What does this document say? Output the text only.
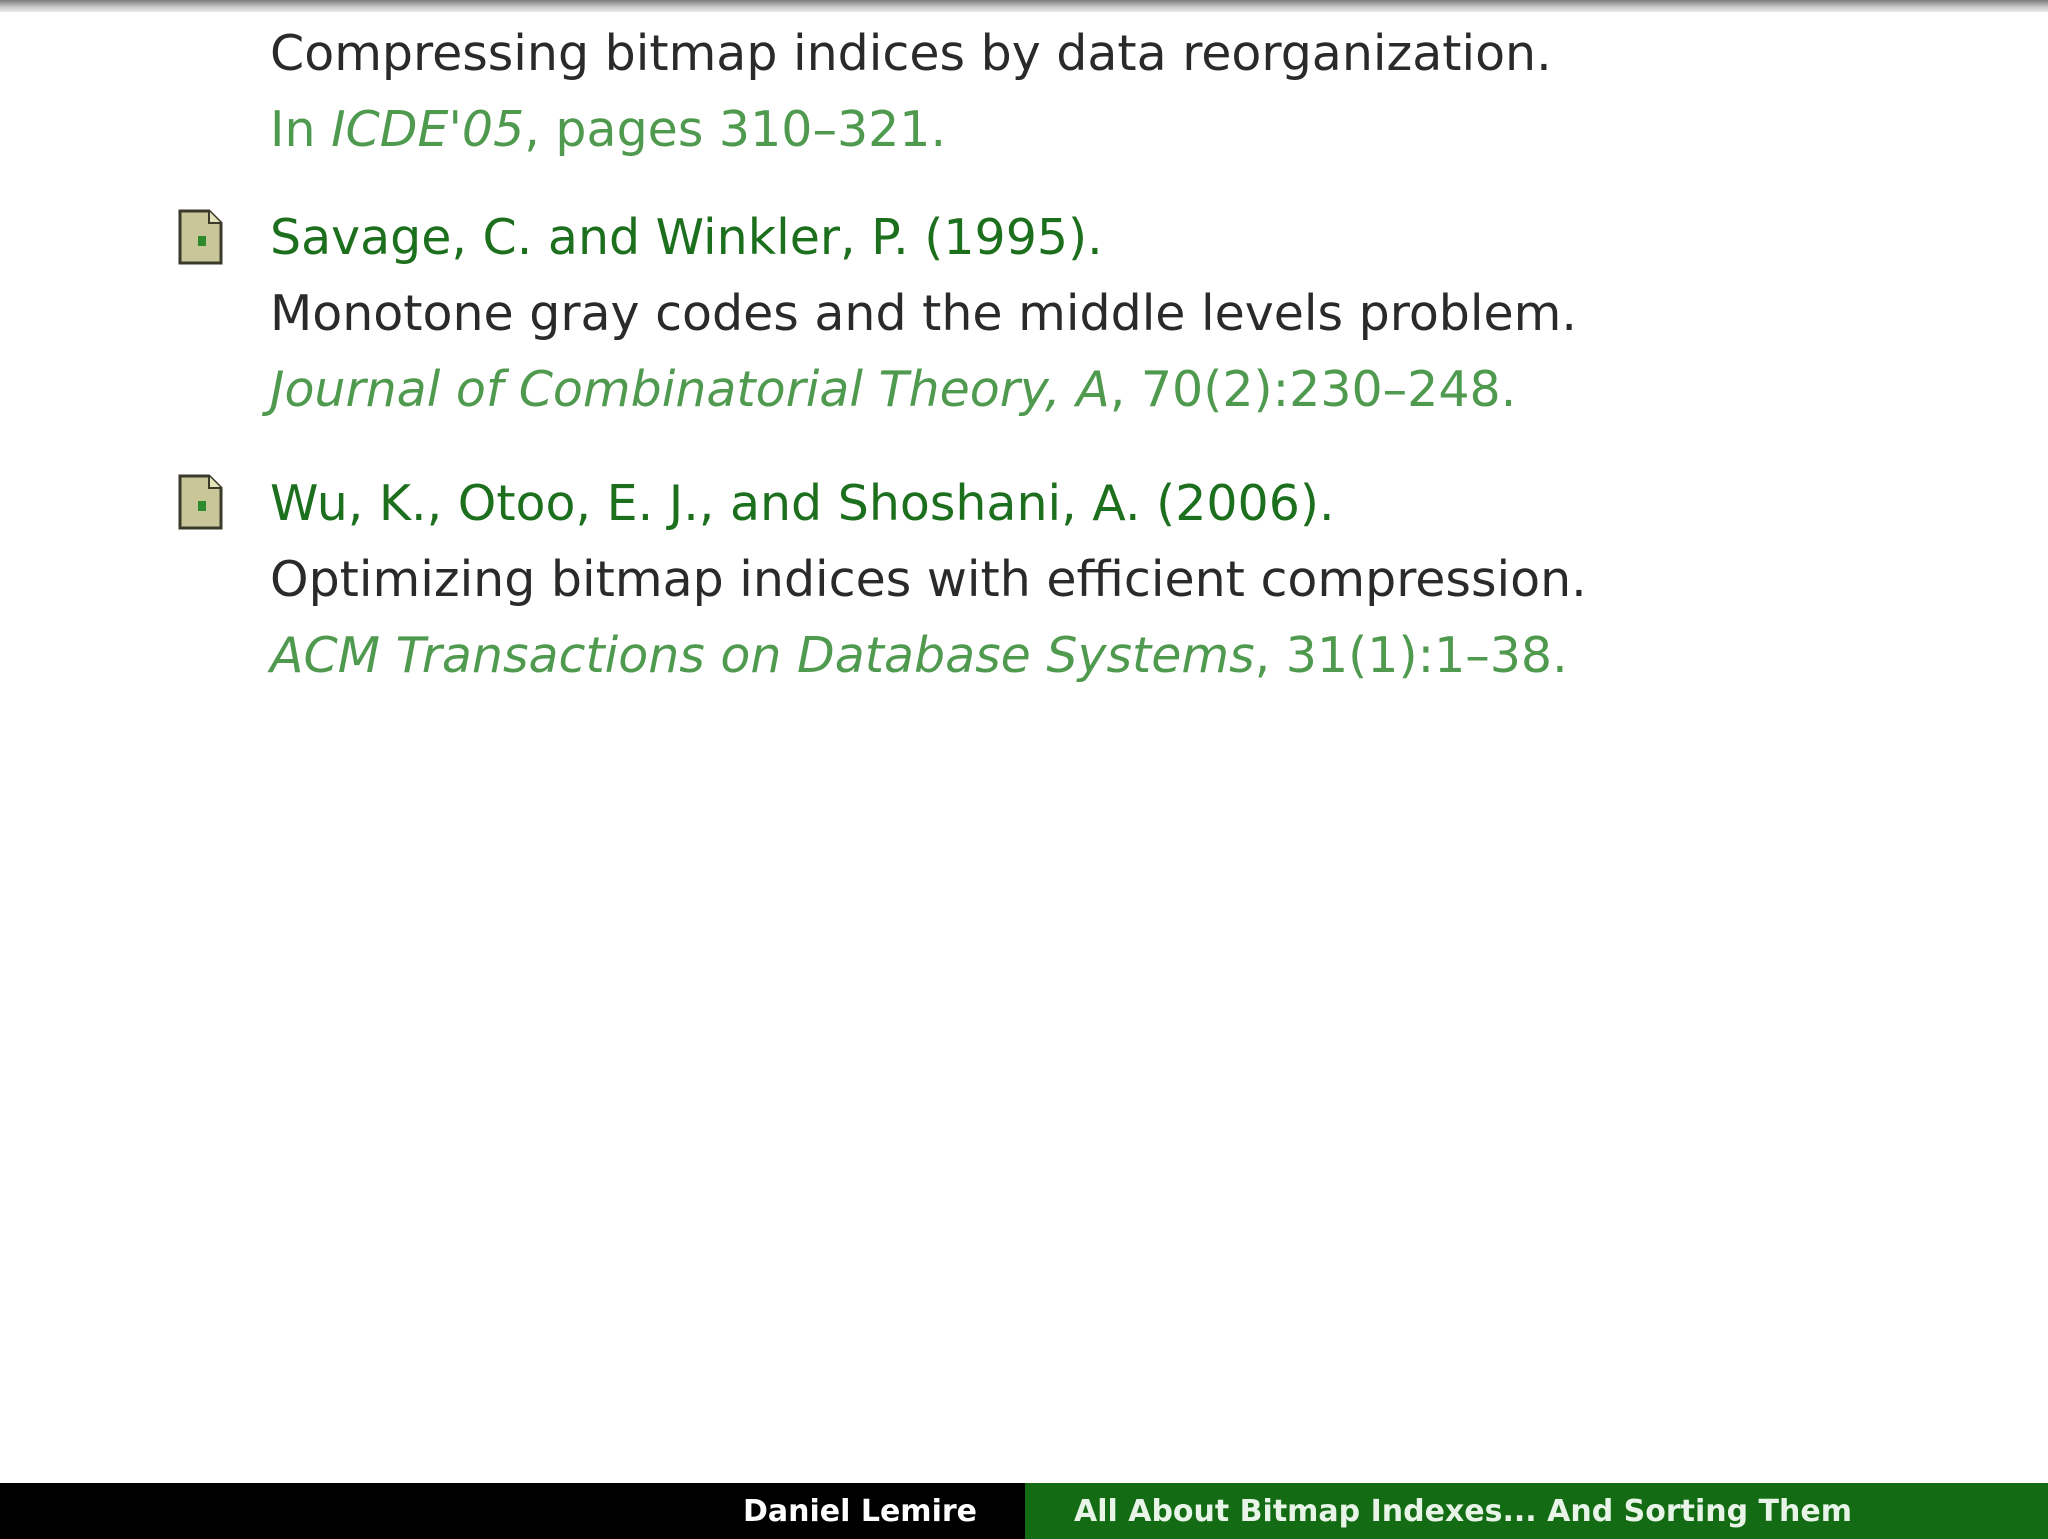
Compressing bitmap indices by data reorganization.
In ICDE'05, pages 310–321.
Savage, C. and Winkler, P. (1995).
Monotone gray codes and the middle levels problem.
Journal of Combinatorial Theory, A, 70(2):230–248.
Wu, K., Otoo, E. J., and Shoshani, A. (2006).
Optimizing bitmap indices with efficient compression.
ACM Transactions on Database Systems, 31(1):1–38.
Daniel Lemire	All About Bitmap Indexes... And Sorting Them
